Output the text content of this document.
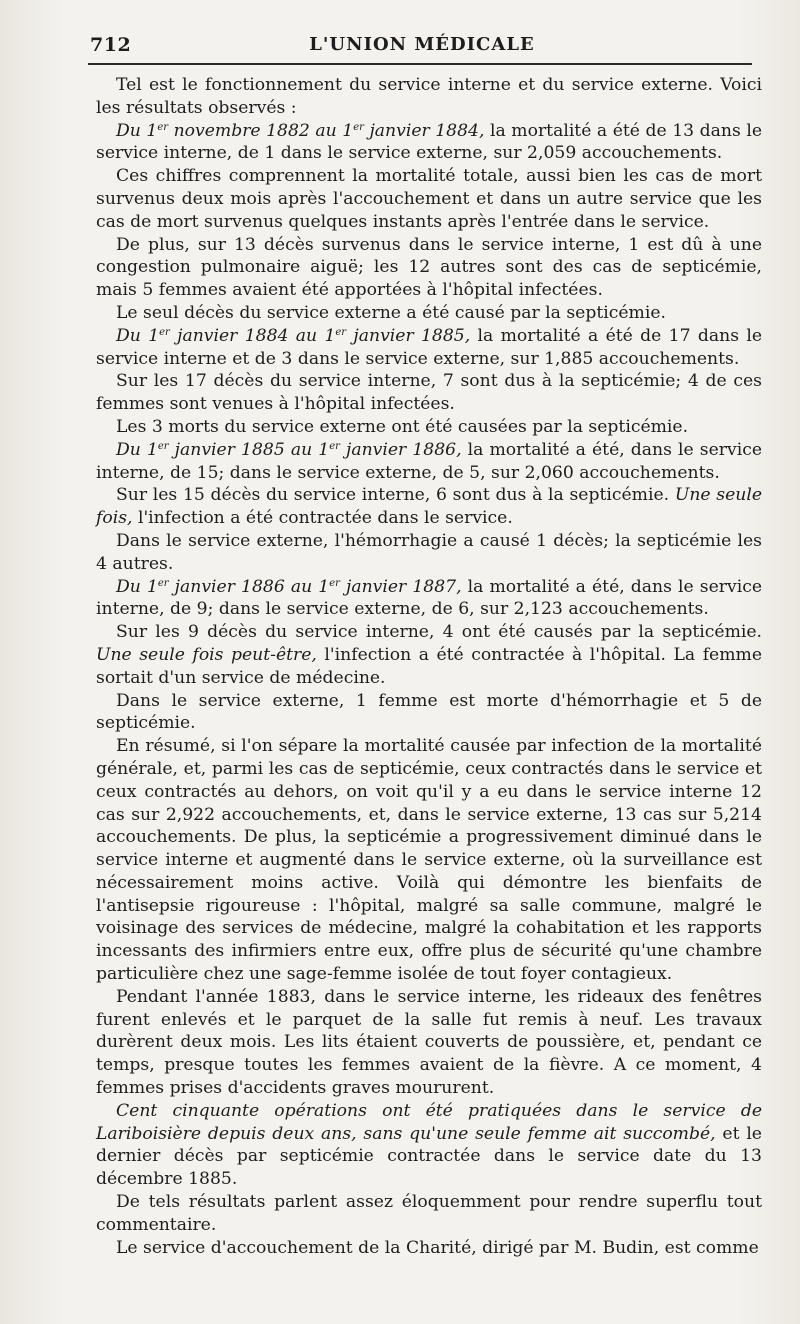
712	L'UNION MÉDICALE

Tel est le fonctionnement du service interne et du service externe. Voici les résultats observés :

Du 1er novembre 1882 au 1er janvier 1884, la mortalité a été de 13 dans le service interne, de 1 dans le service externe, sur 2,059 accouchements.

Ces chiffres comprennent la mortalité totale, aussi bien les cas de mort survenus deux mois après l'accouchement et dans un autre service que les cas de mort survenus quelques instants après l'entrée dans le service.

De plus, sur 13 décès survenus dans le service interne, 1 est dû à une congestion pulmonaire aiguë; les 12 autres sont des cas de septicémie, mais 5 femmes avaient été apportées à l'hôpital infectées.

Le seul décès du service externe a été causé par la septicémie.

Du 1er janvier 1884 au 1er janvier 1885, la mortalité a été de 17 dans le service interne et de 3 dans le service externe, sur 1,885 accouchements.

Sur les 17 décès du service interne, 7 sont dus à la septicémie; 4 de ces femmes sont venues à l'hôpital infectées.

Les 3 morts du service externe ont été causées par la septicémie.

Du 1er janvier 1885 au 1er janvier 1886, la mortalité a été, dans le service interne, de 15; dans le service externe, de 5, sur 2,060 accouchements.

Sur les 15 décès du service interne, 6 sont dus à la septicémie. Une seule fois, l'infection a été contractée dans le service.

Dans le service externe, l'hémorrhagie a causé 1 décès; la septicémie les 4 autres.

Du 1er janvier 1886 au 1er janvier 1887, la mortalité a été, dans le service interne, de 9; dans le service externe, de 6, sur 2,123 accouchements.

Sur les 9 décès du service interne, 4 ont été causés par la septicémie. Une seule fois peut-être, l'infection a été contractée à l'hôpital. La femme sortait d'un service de médecine.

Dans le service externe, 1 femme est morte d'hémorrhagie et 5 de septicémie.

En résumé, si l'on sépare la mortalité causée par infection de la mortalité générale, et, parmi les cas de septicémie, ceux contractés dans le service et ceux contractés au dehors, on voit qu'il y a eu dans le service interne 12 cas sur 2,922 accouchements, et, dans le service externe, 13 cas sur 5,214 accouchements. De plus, la septicémie a progressivement diminué dans le service interne et augmenté dans le service externe, où la surveillance est nécessairement moins active. Voilà qui démontre les bienfaits de l'antisepsie rigoureuse : l'hôpital, malgré sa salle commune, malgré le voisinage des services de médecine, malgré la cohabitation et les rapports incessants des infirmiers entre eux, offre plus de sécurité qu'une chambre particulière chez une sage-femme isolée de tout foyer contagieux.

Pendant l'année 1883, dans le service interne, les rideaux des fenêtres furent enlevés et le parquet de la salle fut remis à neuf. Les travaux durèrent deux mois. Les lits étaient couverts de poussière, et, pendant ce temps, presque toutes les femmes avaient de la fièvre. A ce moment, 4 femmes prises d'accidents graves moururent.

Cent cinquante opérations ont été pratiquées dans le service de Lariboisière depuis deux ans, sans qu'une seule femme ait succombé, et le dernier décès par septicémie contractée dans le service date du 13 décembre 1885.

De tels résultats parlent assez éloquemment pour rendre superflu tout commentaire.

Le service d'accouchement de la Charité, dirigé par M. Budin, est comme
